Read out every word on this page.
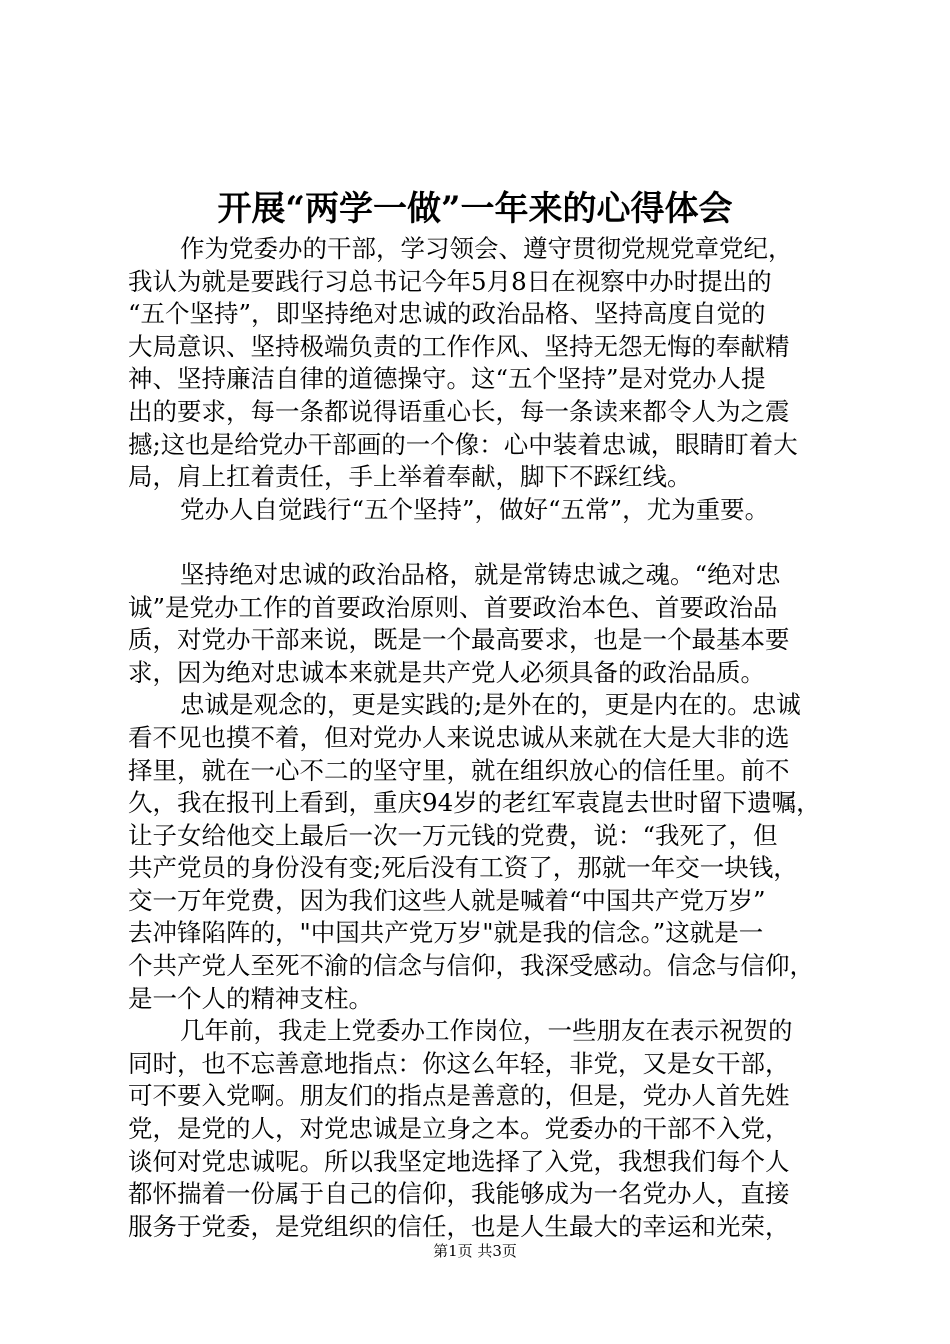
开展“两学一做”一年来的心得体会
作为党委办的干部，学习领会、遵守贯彻党规党章党纪，
我认为就是要践行习总书记今年5月8日在视察中办时提出的
“五个坚持”，即坚持绝对忠诚的政治品格、坚持高度自觉的
大局意识、坚持极端负责的工作作风、坚持无怨无悔的奉献精
神、坚持廉洁自律的道德操守。这“五个坚持”是对党办人提
出的要求，每一条都说得语重心长，每一条读来都令人为之震
撼;这也是给党办干部画的一个像：心中装着忠诚，眼睛盯着大
局，肩上扛着责任，手上举着奉献，脚下不踩红线。
党办人自觉践行“五个坚持”，做好“五常”，尤为重要。
坚持绝对忠诚的政治品格，就是常铸忠诚之魂。“绝对忠
诚”是党办工作的首要政治原则、首要政治本色、首要政治品
质，对党办干部来说，既是一个最高要求，也是一个最基本要
求，因为绝对忠诚本来就是共产党人必须具备的政治品质。
忠诚是观念的，更是实践的;是外在的，更是内在的。忠诚
看不见也摸不着，但对党办人来说忠诚从来就在大是大非的选
择里，就在一心不二的坚守里，就在组织放心的信任里。前不
久，我在报刊上看到，重庆94岁的老红军袁崑去世时留下遗嘱，
让子女给他交上最后一次一万元钱的党费，说：“我死了，但
共产党员的身份没有变;死后没有工资了，那就一年交一块钱，
交一万年党费，因为我们这些人就是喊着“中国共产党万岁”
去冲锋陷阵的，"中国共产党万岁"就是我的信念。”这就是一
个共产党人至死不渝的信念与信仰，我深受感动。信念与信仰，
是一个人的精神支柱。
几年前，我走上党委办工作岗位，一些朋友在表示祝贺的
同时，也不忘善意地指点：你这么年轻，非党，又是女干部，
可不要入党啊。朋友们的指点是善意的，但是，党办人首先姓
党，是党的人，对党忠诚是立身之本。党委办的干部不入党，
谈何对党忠诚呢。所以我坚定地选择了入党，我想我们每个人
都怀揣着一份属于自己的信仰，我能够成为一名党办人，直接
服务于党委，是党组织的信任，也是人生最大的幸运和光荣，
第1页 共3页
